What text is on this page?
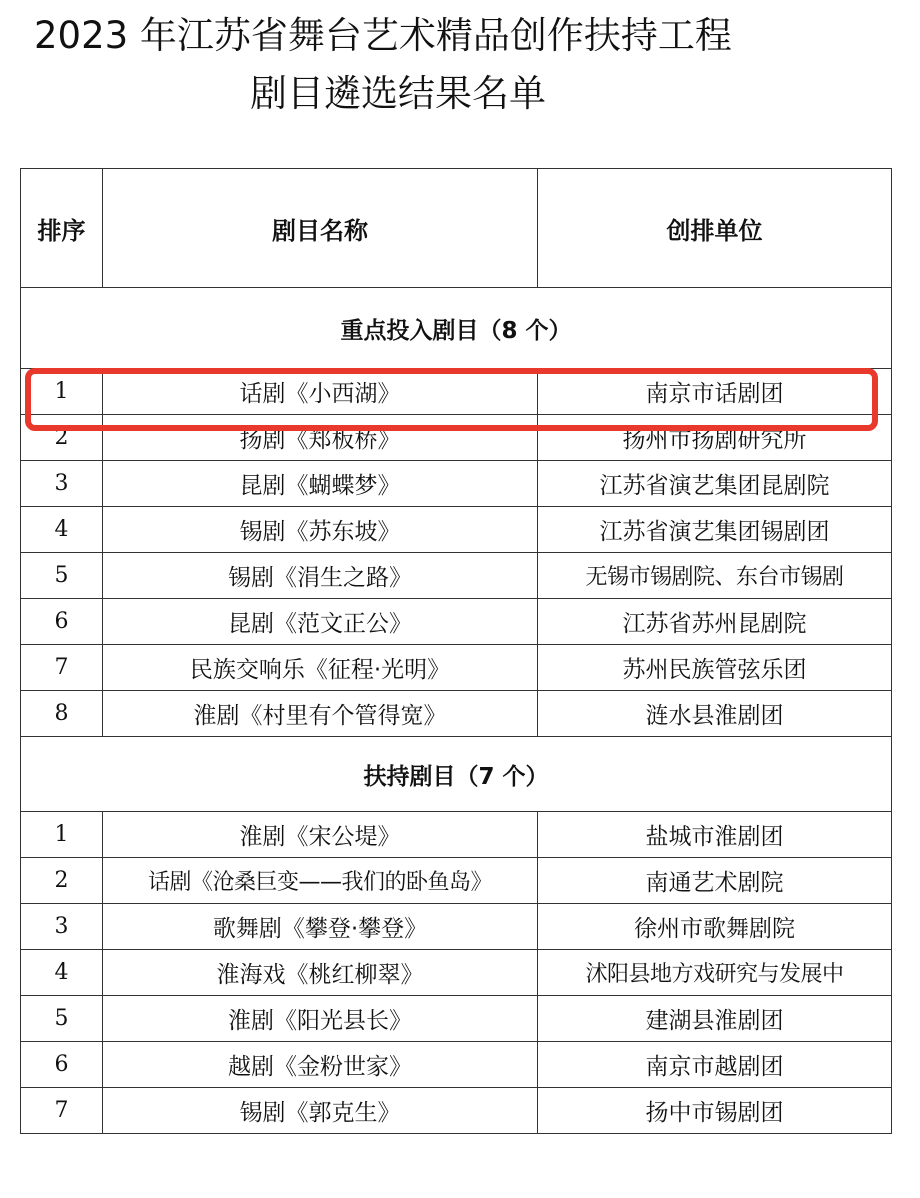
2023 年江苏省舞台艺术精品创作扶持工程
剧目遴选结果名单
排序	剧目名称	创排单位
重点投入剧目（8 个）		
1	话剧《小西湖》	南京市话剧团
2	扬剧《郑板桥》	扬州市扬剧研究所
3	昆剧《蝴蝶梦》	江苏省演艺集团昆剧院
4	锡剧《苏东坡》	江苏省演艺集团锡剧团
5	锡剧《涓生之路》	无锡市锡剧院、东台市锡剧
6	昆剧《范文正公》	江苏省苏州昆剧院
7	民族交响乐《征程·光明》	苏州民族管弦乐团
8	淮剧《村里有个管得宽》	涟水县淮剧团
扶持剧目（7 个）		
1	淮剧《宋公堤》	盐城市淮剧团
2	话剧《沧桑巨变——我们的卧鱼岛》	南通艺术剧院
3	歌舞剧《攀登·攀登》	徐州市歌舞剧院
4	淮海戏《桃红柳翠》	沭阳县地方戏研究与发展中
5	淮剧《阳光县长》	建湖县淮剧团
6	越剧《金粉世家》	南京市越剧团
7	锡剧《郭克生》	扬中市锡剧团
